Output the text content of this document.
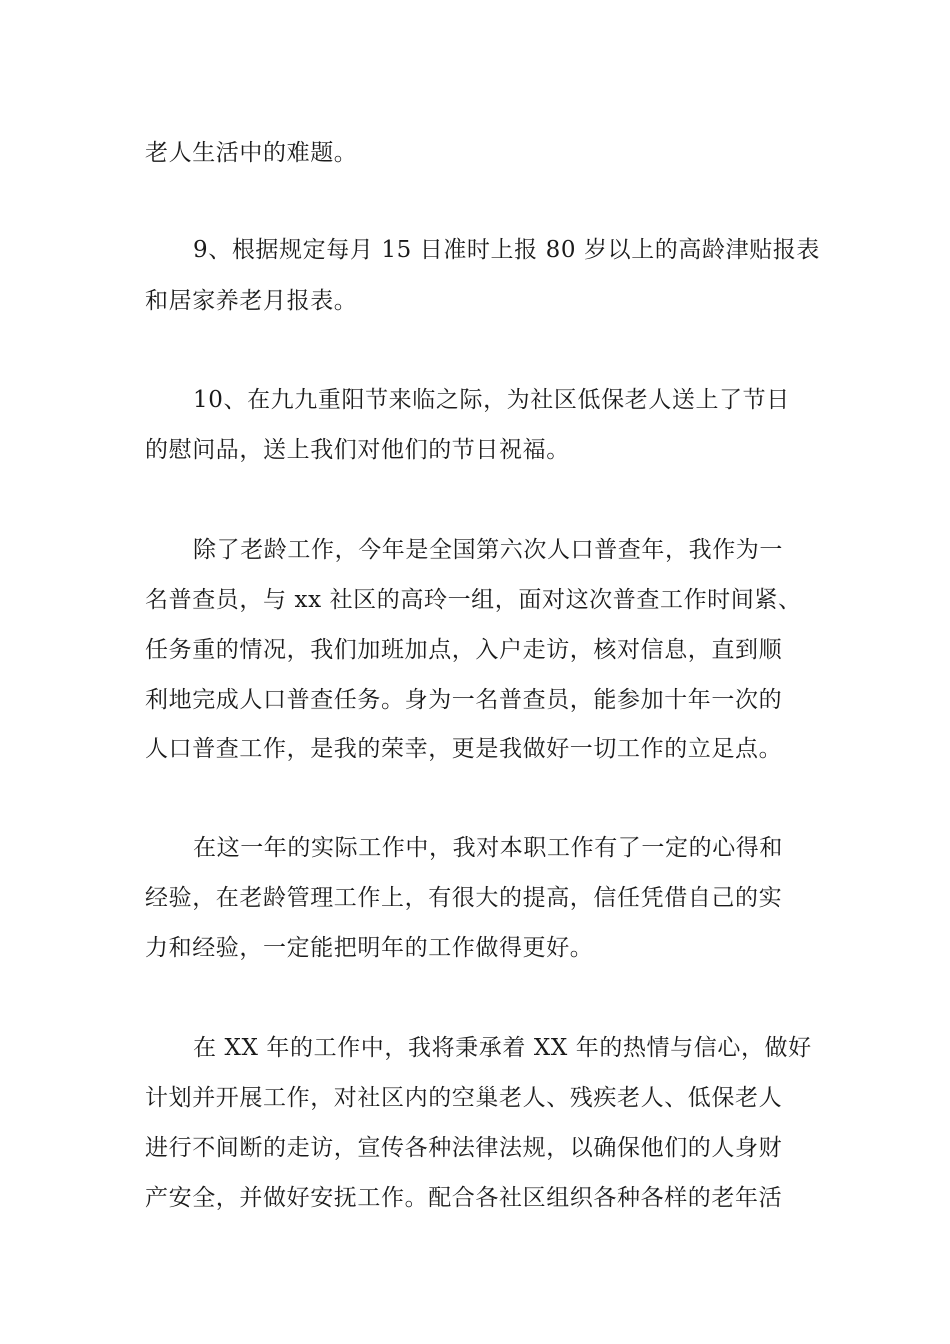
老人生活中的难题。

9、根据规定每月 15 日准时上报 80 岁以上的高龄津贴报表

和居家养老月报表。

10、在九九重阳节来临之际，为社区低保老人送上了节日

的慰问品，送上我们对他们的节日祝福。

除了老龄工作，今年是全国第六次人口普查年，我作为一

名普查员，与 xx 社区的高玲一组，面对这次普查工作时间紧、

任务重的情况，我们加班加点，入户走访，核对信息，直到顺

利地完成人口普查任务。身为一名普查员，能参加十年一次的

人口普查工作，是我的荣幸，更是我做好一切工作的立足点。

在这一年的实际工作中，我对本职工作有了一定的心得和

经验，在老龄管理工作上，有很大的提高，信任凭借自己的实

力和经验，一定能把明年的工作做得更好。

在 XX 年的工作中，我将秉承着 XX 年的热情与信心，做好

计划并开展工作，对社区内的空巢老人、残疾老人、低保老人

进行不间断的走访，宣传各种法律法规，以确保他们的人身财

产安全，并做好安抚工作。配合各社区组织各种各样的老年活
